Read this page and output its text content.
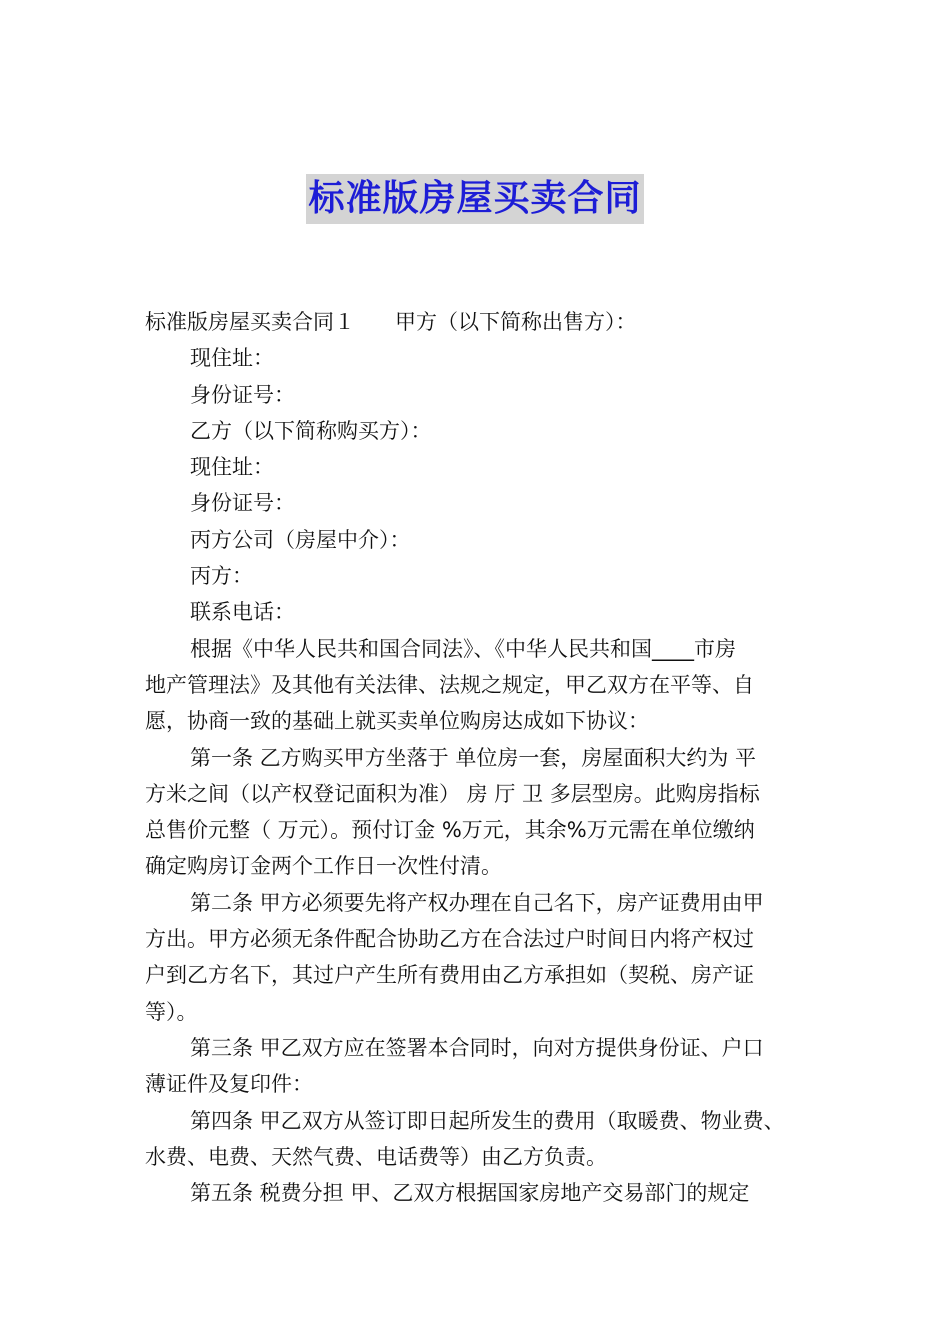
标准版房屋买卖合同
标准版房屋买卖合同１ 甲方（以下简称出售方）：
现住址：
身份证号：
乙方（以下简称购买方）：
现住址：
身份证号：
丙方公司（房屋中介）：
丙方：
联系电话：
根据《中华人民共和国合同法》、《中华人民共和国____市房
地产管理法》及其他有关法律、法规之规定，甲乙双方在平等、自
愿，协商一致的基础上就买卖单位购房达成如下协议：
第一条 乙方购买甲方坐落于 单位房一套，房屋面积大约为 平
方米之间（以产权登记面积为准） 房 厅 卫 多层型房。此购房指标
总售价元整（ 万元）。预付订金 %万元，其余%万元需在单位缴纳
确定购房订金两个工作日一次性付清。
第二条 甲方必须要先将产权办理在自己名下，房产证费用由甲
方出。甲方必须无条件配合协助乙方在合法过户时间日内将产权过
户到乙方名下，其过户产生所有费用由乙方承担如（契税、房产证
等）。
第三条 甲乙双方应在签署本合同时，向对方提供身份证、户口
薄证件及复印件：
第四条 甲乙双方从签订即日起所发生的费用（取暖费、物业费、
水费、电费、天然气费、电话费等）由乙方负责。
第五条 税费分担 甲、乙双方根据国家房地产交易部门的规定
